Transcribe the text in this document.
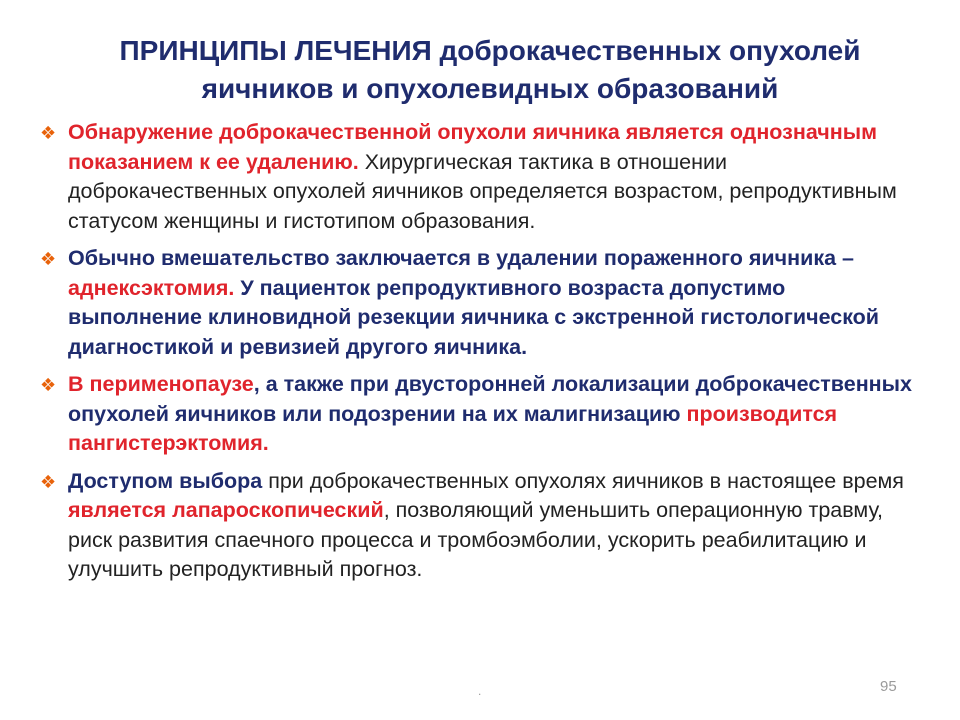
ПРИНЦИПЫ ЛЕЧЕНИЯ доброкачественных опухолей
яичников и опухолевидных образований
❖ Обнаружение доброкачественной опухоли яичника является однозначным показанием к ее удалению. Хирургическая тактика в отношении доброкачественных опухолей яичников определяется возрастом, репродуктивным статусом женщины и гистотипом образования.
❖ Обычно вмешательство заключается в удалении пораженного яичника – аднексэктомия. У пациенток репродуктивного возраста допустимо выполнение клиновидной резекции яичника с экстренной гистологической диагностикой и ревизией другого яичника.
❖ В перименопаузе, а также при двусторонней локализации доброкачественных опухолей яичников или подозрении на их малигнизацию производится пангистерэктомия.
❖ Доступом выбора при доброкачественных опухолях яичников в настоящее время является лапароскопический, позволяющий уменьшить операционную травму, риск развития спаечного процесса и тромбоэмболии, ускорить реабилитацию и улучшить репродуктивный прогноз.
.	95
